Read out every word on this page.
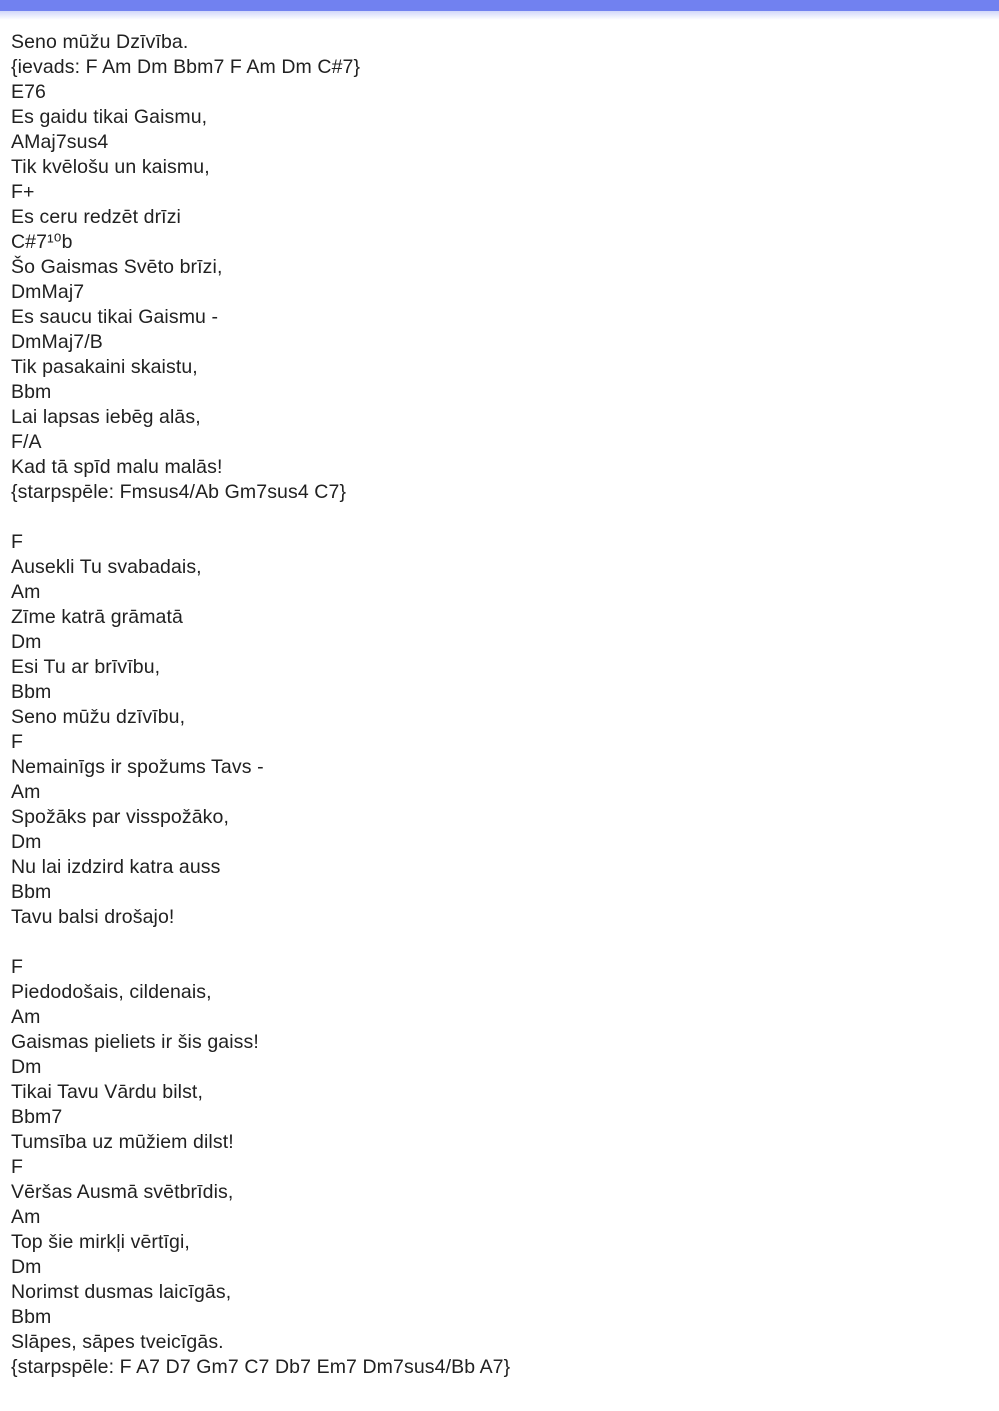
Seno mūžu Dzīvība.
{ievads: F Am Dm Bbm7 F Am Dm C#7}
E76
Es gaidu tikai Gaismu,
AMaj7sus4
Tik kvēlošu un kaismu,
F+
Es ceru redzēt drīzi
C#7¹⁰b
Šo Gaismas Svēto brīzi,
DmMaj7
Es saucu tikai Gaismu -
DmMaj7/B
Tik pasakaini skaistu,
Bbm
Lai lapsas iebēg alās,
F/A
Kad tā spīd malu malās!
{starpspēle: Fmsus4/Ab Gm7sus4 C7}
F
Ausekli Tu svabadais,
Am
Zīme katrā grāmatā
Dm
Esi Tu ar brīvību,
Bbm
Seno mūžu dzīvību,
F
Nemainīgs ir spožums Tavs -
Am
Spožāks par visspožāko,
Dm
Nu lai izdzird katra auss
Bbm
Tavu balsi drošajo!
F
Piedodošais, cildenais,
Am
Gaismas pieliets ir šis gaiss!
Dm
Tikai Tavu Vārdu bilst,
Bbm7
Tumsība uz mūžiem dilst!
F
Vēršas Ausmā svētbrīdis,
Am
Top šie mirkļi vērtīgi,
Dm
Norimst dusmas laicīgās,
Bbm
Slāpes, sāpes tveicīgās.
{starpspēle: F A7 D7 Gm7 C7 Db7 Em7 Dm7sus4/Bb A7}
